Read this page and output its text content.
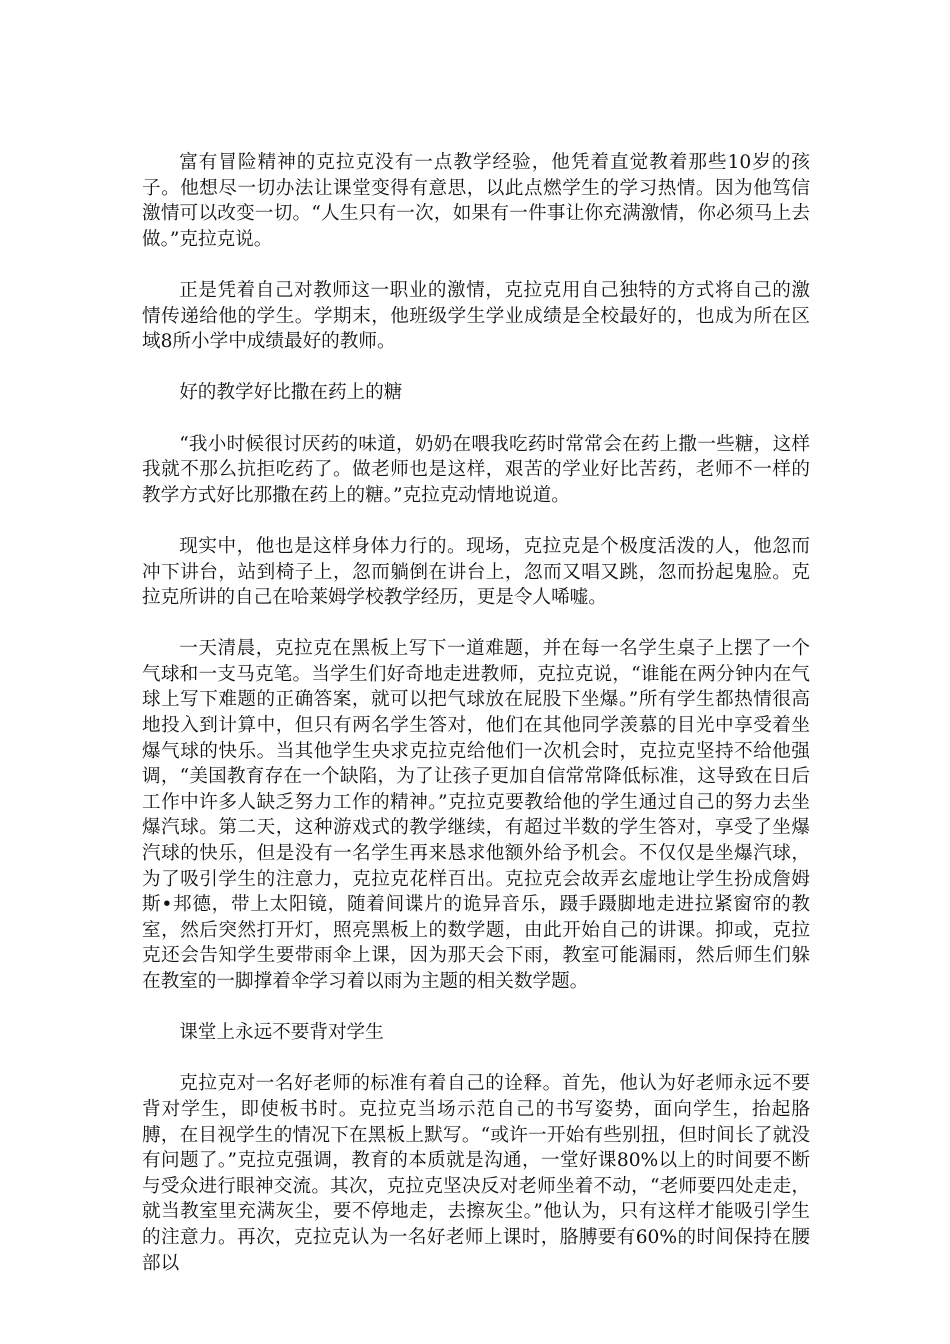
富有冒险精神的克拉克没有一点教学经验，他凭着直觉教着那些10岁的孩子。他想尽一切办法让课堂变得有意思，以此点燃学生的学习热情。因为他笃信激情可以改变一切。“人生只有一次，如果有一件事让你充满激情，你必须马上去做。”克拉克说。

正是凭着自己对教师这一职业的激情，克拉克用自己独特的方式将自己的激情传递给他的学生。学期末，他班级学生学业成绩是全校最好的，也成为所在区域8所小学中成绩最好的教师。

好的教学好比撒在药上的糖

“我小时候很讨厌药的味道，奶奶在喂我吃药时常常会在药上撒一些糖，这样我就不那么抗拒吃药了。做老师也是这样，艰苦的学业好比苦药，老师不一样的教学方式好比那撒在药上的糖。”克拉克动情地说道。

现实中，他也是这样身体力行的。现场，克拉克是个极度活泼的人，他忽而冲下讲台，站到椅子上，忽而躺倒在讲台上，忽而又唱又跳，忽而扮起鬼脸。克拉克所讲的自己在哈莱姆学校教学经历，更是令人唏嘘。

一天清晨，克拉克在黑板上写下一道难题，并在每一名学生桌子上摆了一个气球和一支马克笔。当学生们好奇地走进教师，克拉克说，“谁能在两分钟内在气球上写下难题的正确答案，就可以把气球放在屁股下坐爆。”所有学生都热情很高地投入到计算中，但只有两名学生答对，他们在其他同学羡慕的目光中享受着坐爆气球的快乐。当其他学生央求克拉克给他们一次机会时，克拉克坚持不给他强调，“美国教育存在一个缺陷，为了让孩子更加自信常常降低标准，这导致在日后工作中许多人缺乏努力工作的精神。”克拉克要教给他的学生通过自己的努力去坐爆汽球。第二天，这种游戏式的教学继续，有超过半数的学生答对，享受了坐爆汽球的快乐，但是没有一名学生再来恳求他额外给予机会。不仅仅是坐爆汽球，为了吸引学生的注意力，克拉克花样百出。克拉克会故弄玄虚地让学生扮成詹姆斯•邦德，带上太阳镜，随着间谍片的诡异音乐，蹑手蹑脚地走进拉紧窗帘的教室，然后突然打开灯，照亮黑板上的数学题，由此开始自己的讲课。抑或，克拉克还会告知学生要带雨伞上课，因为那天会下雨，教室可能漏雨，然后师生们躲在教室的一脚撑着伞学习着以雨为主题的相关数学题。

课堂上永远不要背对学生

克拉克对一名好老师的标准有着自己的诠释。首先，他认为好老师永远不要背对学生，即使板书时。克拉克当场示范自己的书写姿势，面向学生，抬起胳膊，在目视学生的情况下在黑板上默写。“或许一开始有些别扭，但时间长了就没有问题了。”克拉克强调，教育的本质就是沟通，一堂好课80%以上的时间要不断与受众进行眼神交流。其次，克拉克坚决反对老师坐着不动，“老师要四处走走，就当教室里充满灰尘，要不停地走，去擦灰尘。”他认为，只有这样才能吸引学生的注意力。再次，克拉克认为一名好老师上课时，胳膊要有60%的时间保持在腰部以
